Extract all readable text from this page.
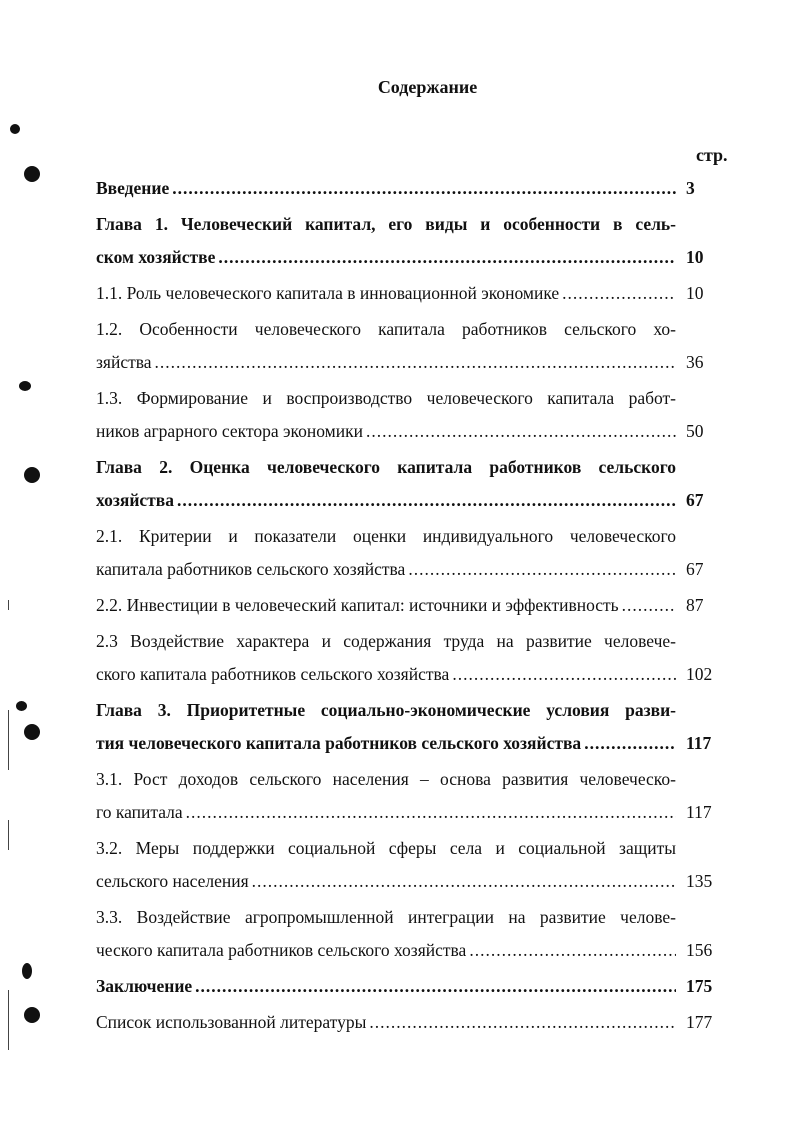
Содержание
стр.
Введение .....	3
Глава 1. Человеческий капитал, его виды и особенности в сель-
ском хозяйстве .....	10
1.1. Роль человеческого капитала в инновационной экономике .....	10
1.2. Особенности человеческого капитала работников сельского хо-
зяйства .....	36
1.3. Формирование и воспроизводство человеческого капитала работ-
ников аграрного сектора экономики .....	50
Глава 2. Оценка человеческого капитала работников сельского
хозяйства .....	67
2.1. Критерии и показатели оценки индивидуального человеческого
капитала работников сельского хозяйства .....	67
2.2. Инвестиции в человеческий капитал: источники и эффективность .....	87
2.3 Воздействие характера и содержания труда на развитие человече-
ского капитала работников сельского хозяйства .....	102
Глава 3. Приоритетные социально-экономические условия разви-
тия человеческого капитала работников сельского хозяйства .....	117
3.1. Рост доходов сельского населения – основа развития человеческо-
го капитала .....	117
3.2. Меры поддержки социальной сферы села и социальной защиты
сельского населения .....	135
3.3. Воздействие агропромышленной интеграции на развитие челове-
ческого капитала работников сельского хозяйства .....	156
Заключение .....	175
Список использованной литературы .....	177
